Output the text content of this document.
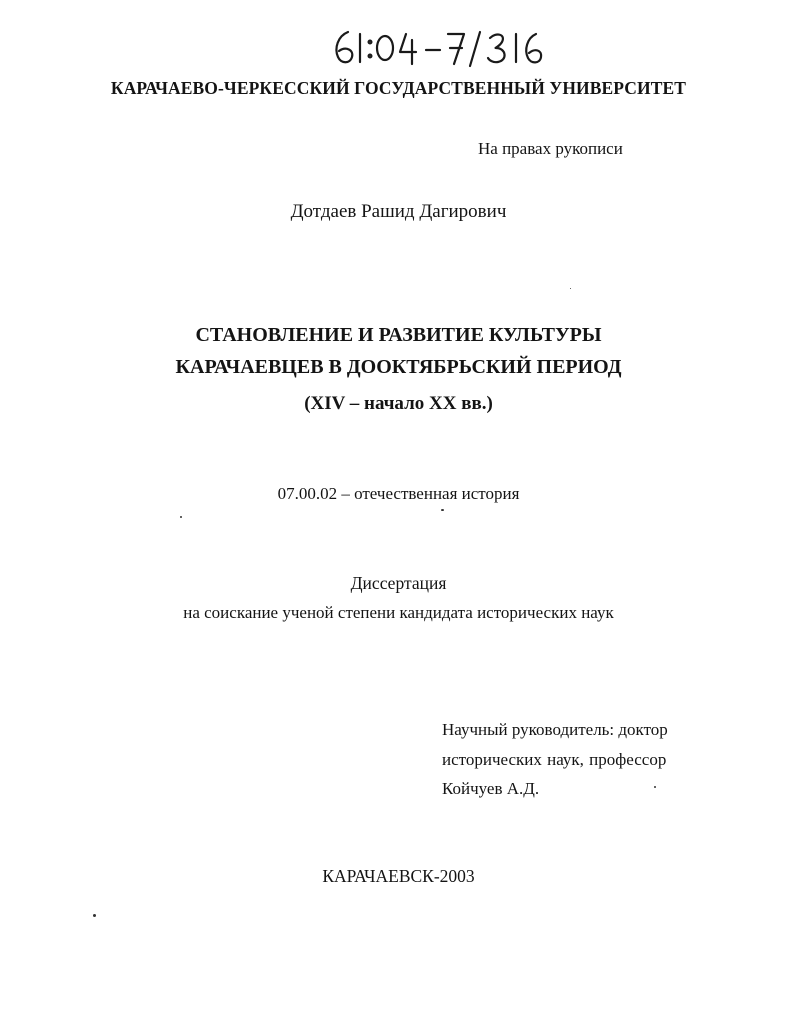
КАРАЧАЕВО-ЧЕРКЕССКИЙ ГОСУДАРСТВЕННЫЙ УНИВЕРСИТЕТ
На правах рукописи
Дотдаев Рашид Дагирович
СТАНОВЛЕНИЕ И РАЗВИТИЕ КУЛЬТУРЫ
КАРАЧАЕВЦЕВ В ДООКТЯБРЬСКИЙ ПЕРИОД
(XIV – начало XX вв.)
07.00.02 – отечественная история
Диссертация
на соискание ученой степени кандидата исторических наук
Научный руководитель: доктор
исторических наук, профессор
Койчуев А.Д.
КАРАЧАЕВСК-2003
